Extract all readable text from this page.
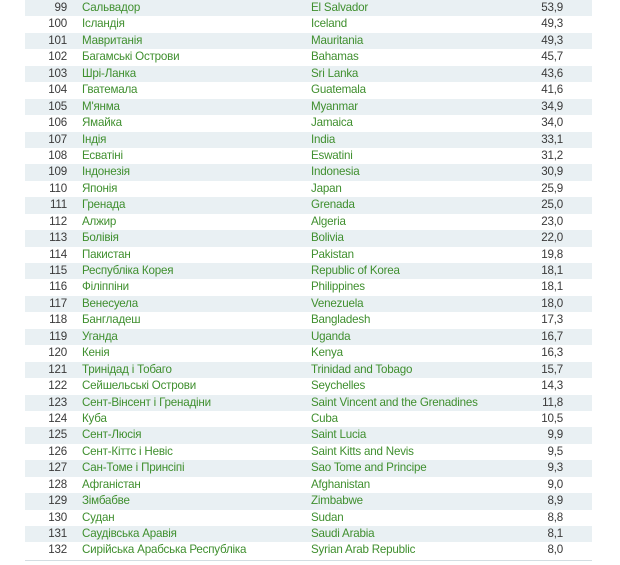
99 Сальвадор	El Salvador	53,9
100 Ісландія	Iceland	49,3
101 Мавританія	Mauritania	49,3
102 Багамські Острови	Bahamas	45,7
103 Шрі-Ланка	Sri Lanka	43,6
104 Гватемала	Guatemala	41,6
105 М'янма	Myanmar	34,9
106 Ямайка	Jamaica	34,0
107 Індія	India	33,1
108 Есватіні	Eswatini	31,2
109 Індонезія	Indonesia	30,9
110 Японія	Japan	25,9
111 Гренада	Grenada	25,0
112 Алжир	Algeria	23,0
113 Болівія	Bolivia	22,0
114 Пакистан	Pakistan	19,8
115 Республіка Корея	Republic of Korea	18,1
116 Філіппіни	Philippines	18,1
117 Венесуела	Venezuela	18,0
118 Бангладеш	Bangladesh	17,3
119 Уганда	Uganda	16,7
120 Кенія	Kenya	16,3
121 Тринідад і Тобаго	Trinidad and Tobago	15,7
122 Сейшельські Острови	Seychelles	14,3
123 Сент-Вінсент і Гренадіни	Saint Vincent and the Grenadines	11,8
124 Куба	Cuba	10,5
125 Сент-Люсія	Saint Lucia	9,9
126 Сент-Кіттс і Невіс	Saint Kitts and Nevis	9,5
127 Сан-Томе і Принсіпі	Sao Tome and Principe	9,3
128 Афганістан	Afghanistan	9,0
129 Зімбабве	Zimbabwe	8,9
130 Судан	Sudan	8,8
131 Саудівська Аравія	Saudi Arabia	8,1
132 Сирійська Арабська Республіка	Syrian Arab Republic	8,0
